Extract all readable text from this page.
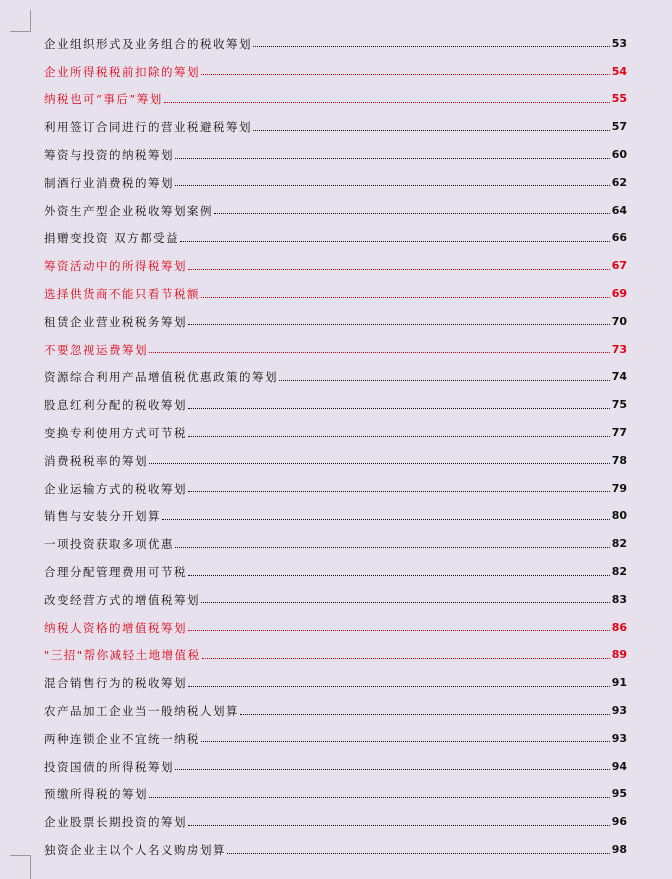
企业组织形式及业务组合的税收筹划	53
企业所得税税前扣除的筹划	54
纳税也可“事后”筹划	55
利用签订合同进行的营业税避税筹划	57
筹资与投资的纳税筹划	60
制酒行业消费税的筹划	62
外资生产型企业税收筹划案例	64
捐赠变投资 双方都受益	66
筹资活动中的所得税筹划	67
选择供货商不能只看节税额	69
租赁企业营业税税务筹划	70
不要忽视运费筹划	73
资源综合利用产品增值税优惠政策的筹划	74
股息红利分配的税收筹划	75
变换专利使用方式可节税	77
消费税税率的筹划	78
企业运输方式的税收筹划	79
销售与安装分开划算	80
一项投资获取多项优惠	82
合理分配管理费用可节税	82
改变经营方式的增值税筹划	83
纳税人资格的增值税筹划	86
"三招"帮你减轻土地增值税	89
混合销售行为的税收筹划	91
农产品加工企业当一般纳税人划算	93
两种连锁企业不宜统一纳税	93
投资国债的所得税筹划	94
预缴所得税的筹划	95
企业股票长期投资的筹划	96
独资企业主以个人名义购房划算	98
